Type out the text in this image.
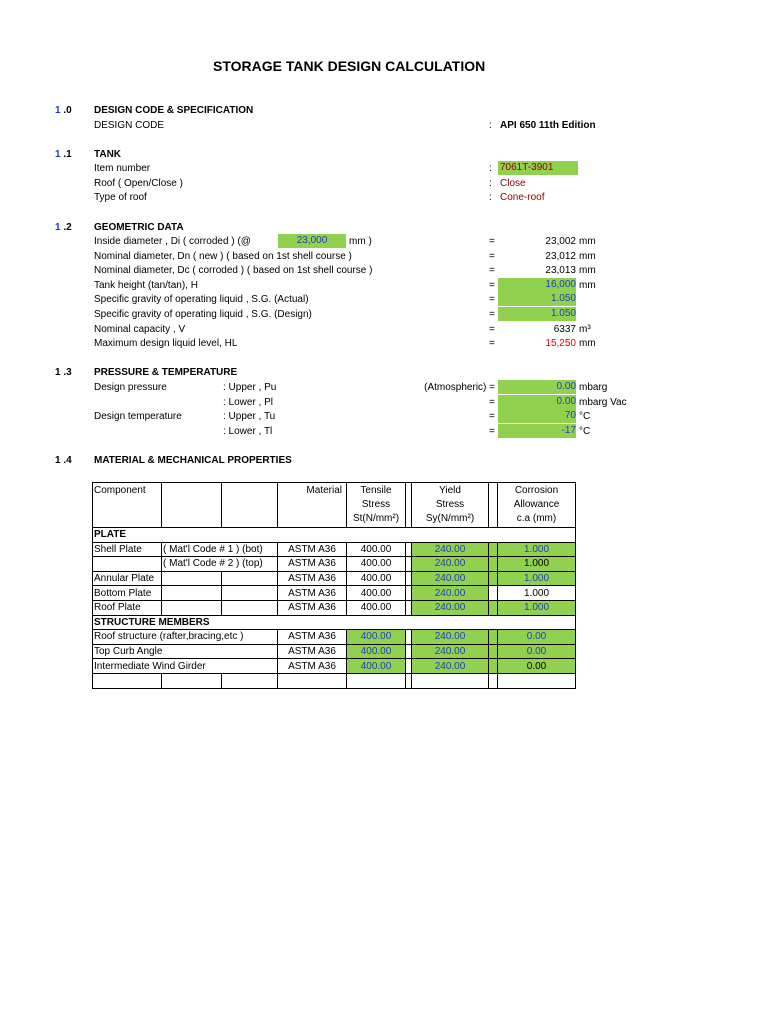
STORAGE TANK DESIGN CALCULATION
1 .0 DESIGN CODE & SPECIFICATION
DESIGN CODE	: API 650 11th Edition
1 .1 TANK
Item number	: 7061T-3901
Roof ( Open/Close )	: Close
Type of roof	: Cone-roof
1 .2 GEOMETRIC DATA
Inside diameter , Di ( corroded ) (@	23,000	mm )	=	23,002 mm
Nominal diameter, Dn ( new ) ( based on 1st shell course )	=	23,012 mm
Nominal diameter, Dc ( corroded ) ( based on 1st shell course )	=	23,013 mm
Tank height (tan/tan), H	=	16,000 mm
Specific gravity of operating liquid , S.G. (Actual)	=	1.050
Specific gravity of operating liquid , S.G. (Design)	=	1.050
Nominal capacity , V	=	6337 m³
Maximum design liquid level, HL	=	15,250 mm
1 .3 PRESSURE & TEMPERATURE
Design pressure	: Upper , Pu	(Atmospheric) =	0.00 mbarg
: Lower , Pl	=	0.00 mbarg Vac
Design temperature	: Upper , Tu	=	70 °C
: Lower , Tl	=	-17 °C
1 .4 MATERIAL & MECHANICAL PROPERTIES
Component			Material	Tensile
Stress
St(N/mm²)		Yield
Stress
Sy(N/mm²)		Corrosion
Allowance
c.a (mm)
PLATE								
Shell Plate	( Mat'l Code # 1 ) (bot)		ASTM A36	400.00		240.00		1.000
	( Mat'l Code # 2 ) (top)		ASTM A36	400.00		240.00		1.000
Annular Plate			ASTM A36	400.00		240.00		1.000
Bottom Plate			ASTM A36	400.00		240.00		1.000
Roof Plate			ASTM A36	400.00		240.00		1.000
STRUCTURE MEMBERS								
Roof structure (rafter,bracing,etc )			ASTM A36	400.00		240.00		0.00
Top Curb Angle			ASTM A36	400.00		240.00		0.00
Intermediate Wind Girder			ASTM A36	400.00		240.00		0.00
